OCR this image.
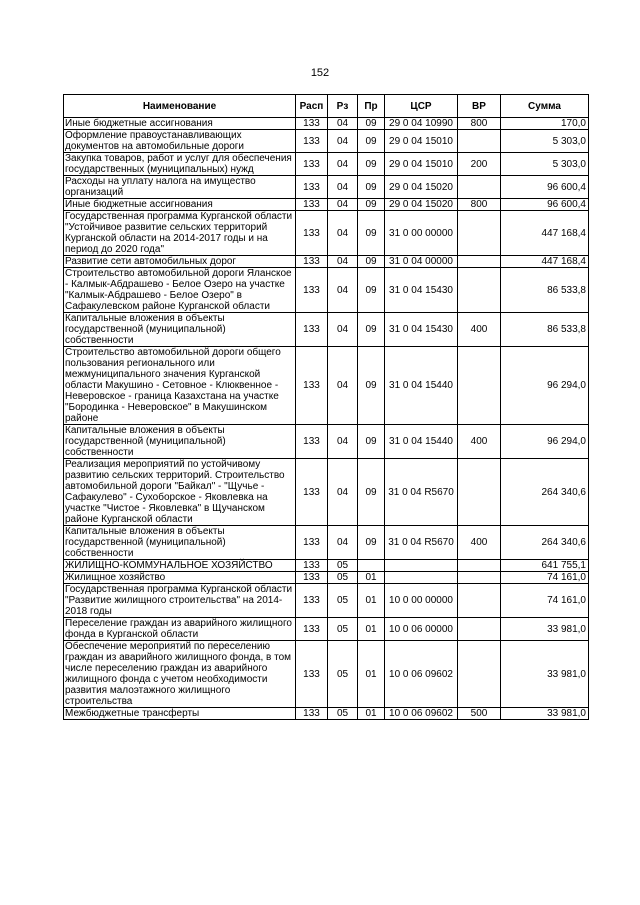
152
Наименование	Расп	Рз	Пр	ЦСР	ВР	Сумма
Иные бюджетные ассигнования	133	04	09	29 0 04 10990	800	170,0
Оформление правоустанавливающих документов на автомобильные дороги	133	04	09	29 0 04 15010		5 303,0
Закупка товаров, работ и услуг для обеспечения государственных (муниципальных) нужд	133	04	09	29 0 04 15010	200	5 303,0
Расходы на уплату налога на имущество организаций	133	04	09	29 0 04 15020		96 600,4
Иные бюджетные ассигнования	133	04	09	29 0 04 15020	800	96 600,4
Государственная программа Курганской области "Устойчивое развитие сельских территорий Курганской области на 2014-2017 годы и на период до 2020 года"	133	04	09	31 0 00 00000		447 168,4
Развитие сети автомобильных дорог	133	04	09	31 0 04 00000		447 168,4
Строительство автомобильной дороги Яланское - Калмык-Абдрашево - Белое Озеро на участке "Калмык-Абдрашево - Белое Озеро" в Сафакулевском районе Курганской области	133	04	09	31 0 04 15430		86 533,8
Капитальные вложения в объекты государственной (муниципальной) собственности	133	04	09	31 0 04 15430	400	86 533,8
Строительство автомобильной дороги общего пользования регионального или межмуниципального значения Курганской области Макушино - Сетовное - Клюквенное - Неверовское - граница Казахстана на участке "Бородинка - Неверовское" в Макушинском районе	133	04	09	31 0 04 15440		96 294,0
Капитальные вложения в объекты государственной (муниципальной) собственности	133	04	09	31 0 04 15440	400	96 294,0
Реализация мероприятий по устойчивому развитию сельских территорий. Строительство автомобильной дороги "Байкал" - "Щучье - Сафакулево" - Сухоборское - Яковлевка на участке "Чистое - Яковлевка" в Щучанском районе Курганской области	133	04	09	31 0 04 R5670		264 340,6
Капитальные вложения в объекты государственной (муниципальной) собственности	133	04	09	31 0 04 R5670	400	264 340,6
ЖИЛИЩНО-КОММУНАЛЬНОЕ ХОЗЯЙСТВО	133	05				641 755,1
Жилищное хозяйство	133	05	01			74 161,0
Государственная программа Курганской области "Развитие жилищного строительства" на 2014-2018 годы	133	05	01	10 0 00 00000		74 161,0
Переселение граждан из аварийного жилищного фонда в Курганской области	133	05	01	10 0 06 00000		33 981,0
Обеспечение мероприятий по переселению граждан из аварийного жилищного фонда, в том числе переселению граждан из аварийного жилищного фонда с учетом необходимости развития малоэтажного жилищного строительства	133	05	01	10 0 06 09602		33 981,0
Межбюджетные трансферты	133	05	01	10 0 06 09602	500	33 981,0
